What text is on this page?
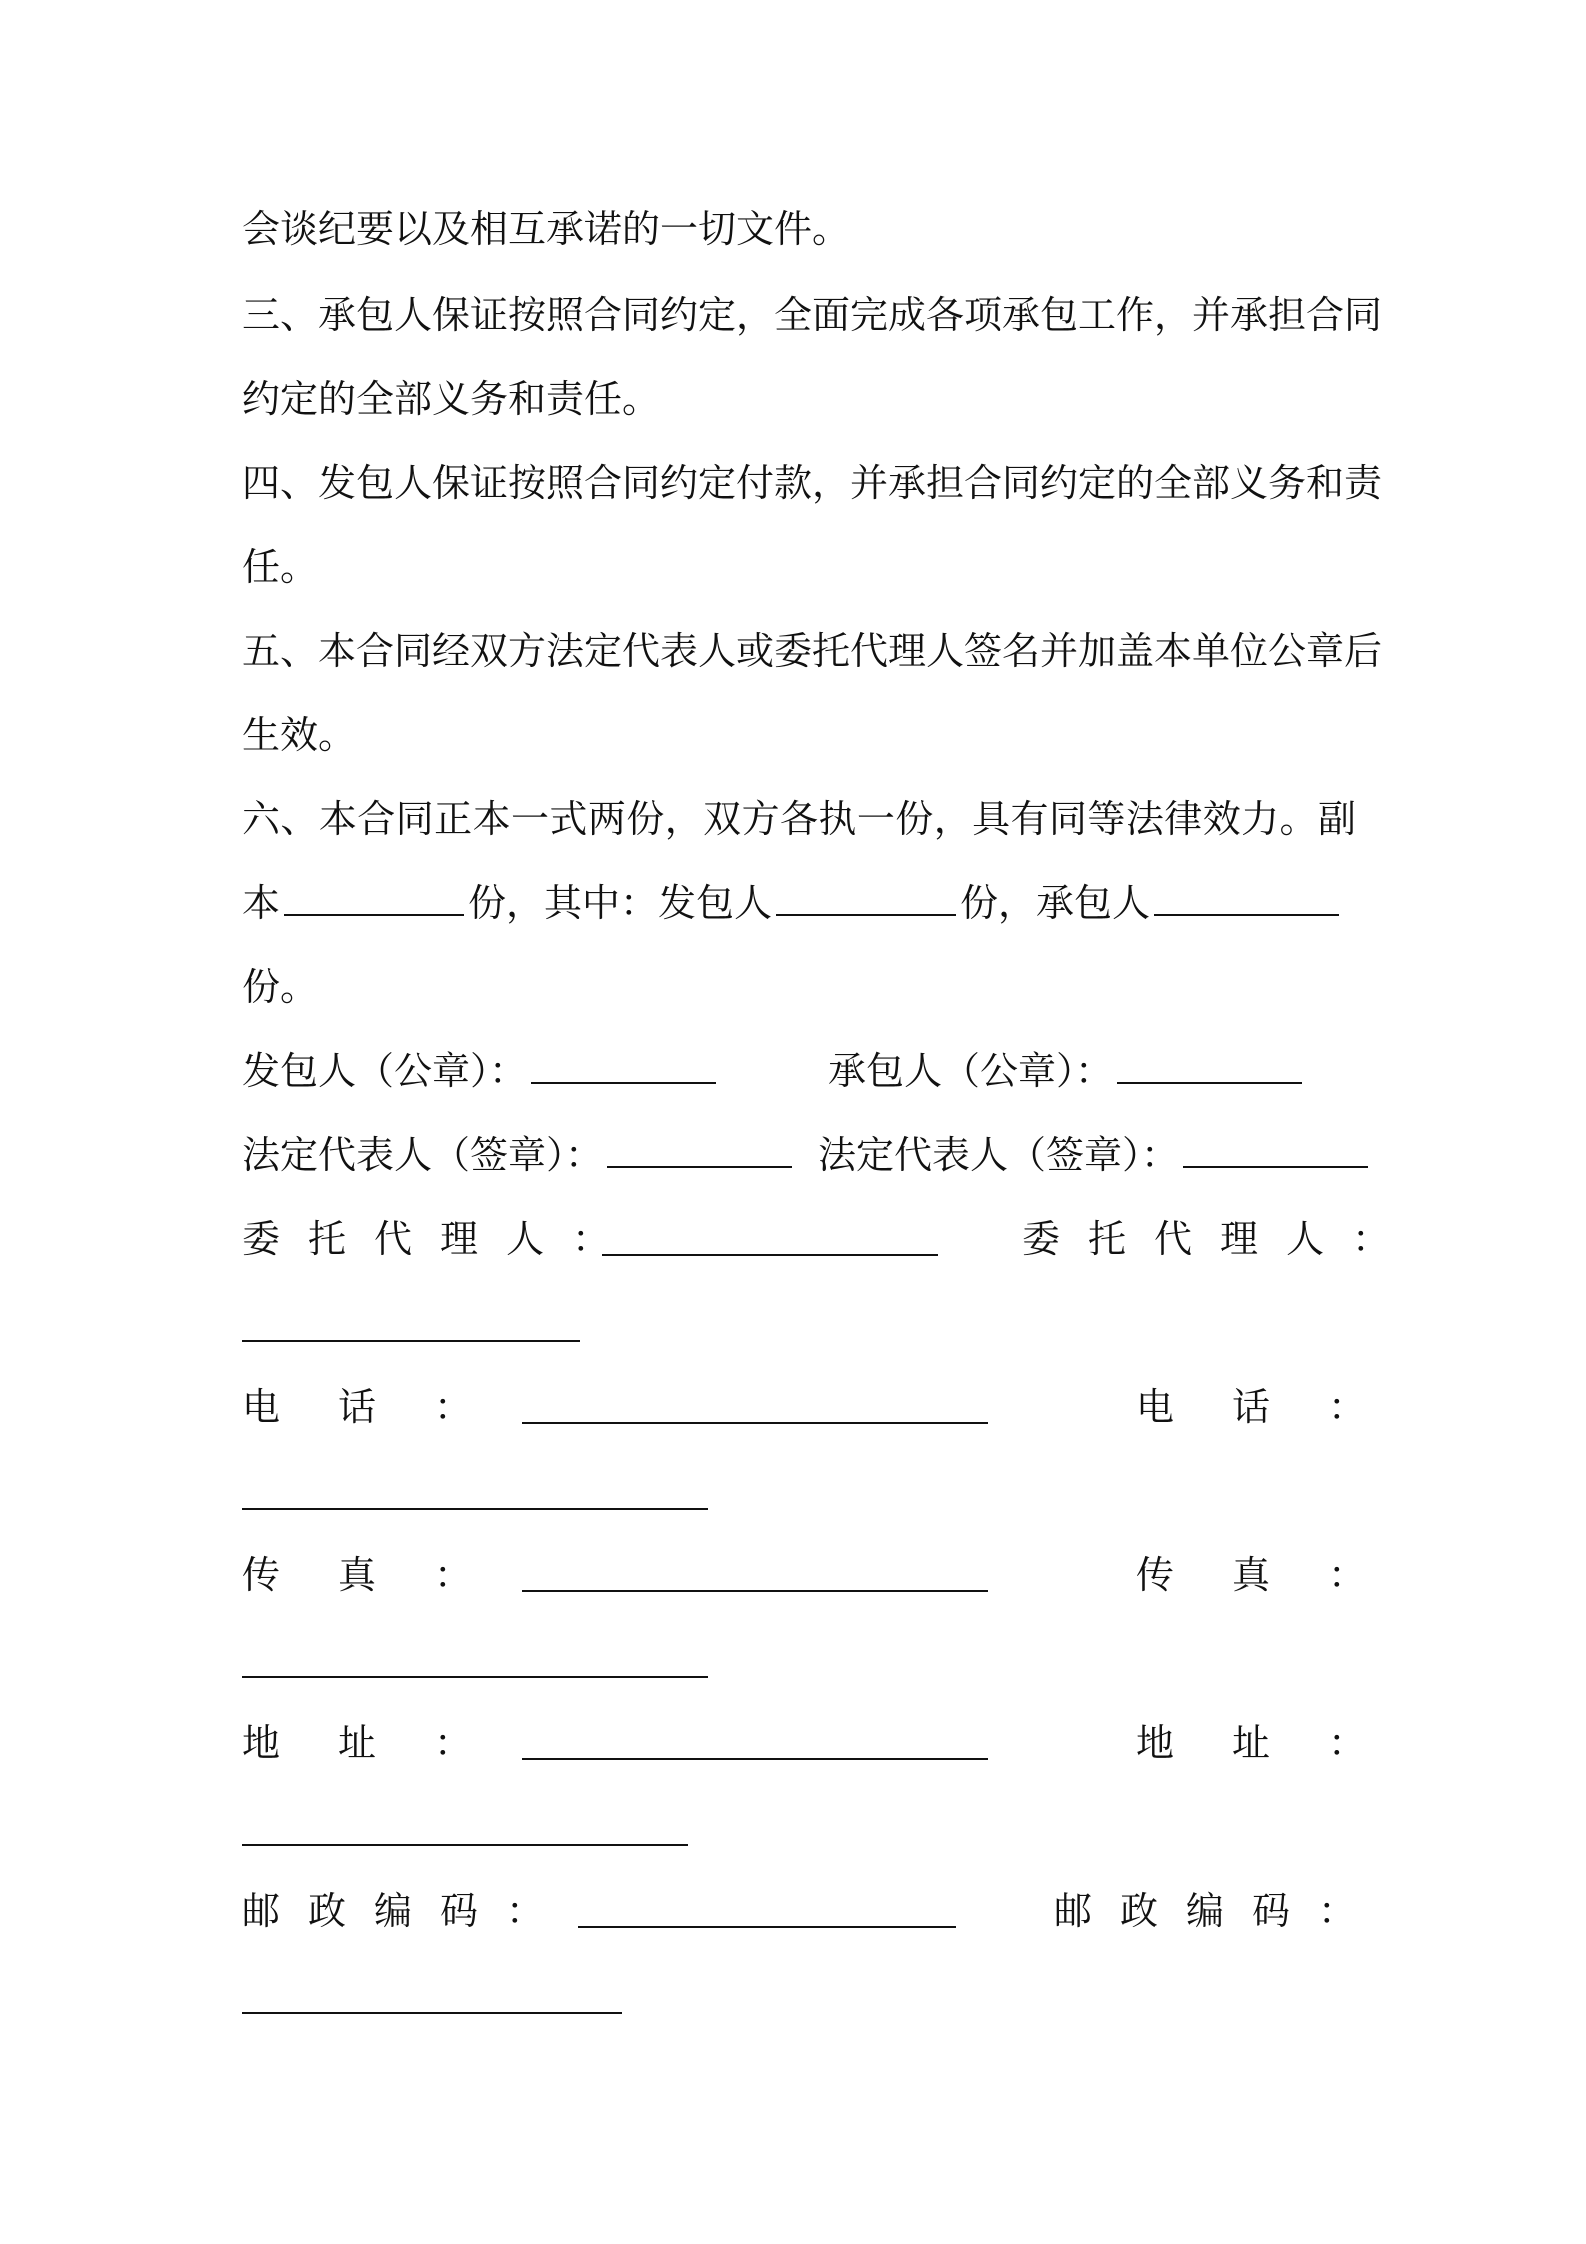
会谈纪要以及相互承诺的一切文件。
三、承包人保证按照合同约定，全面完成各项承包工作，并承担合同
约定的全部义务和责任。
四、发包人保证按照合同约定付款，并承担合同约定的全部义务和责
任。
五、本合同经双方法定代表人或委托代理人签名并加盖本单位公章后
生效。
六、本合同正本一式两份，双方各执一份，具有同等法律效力。副
本	份，其中：发包人	份，承包人
份。
发包人（公章）：	承包人（公章）：
法定代表人（签章）：	法定代表人（签章）：
委托代理人：	委托代理人：
电话：	电话：
传真：	传真：
地址：	地址：
邮政编码：	邮政编码：
